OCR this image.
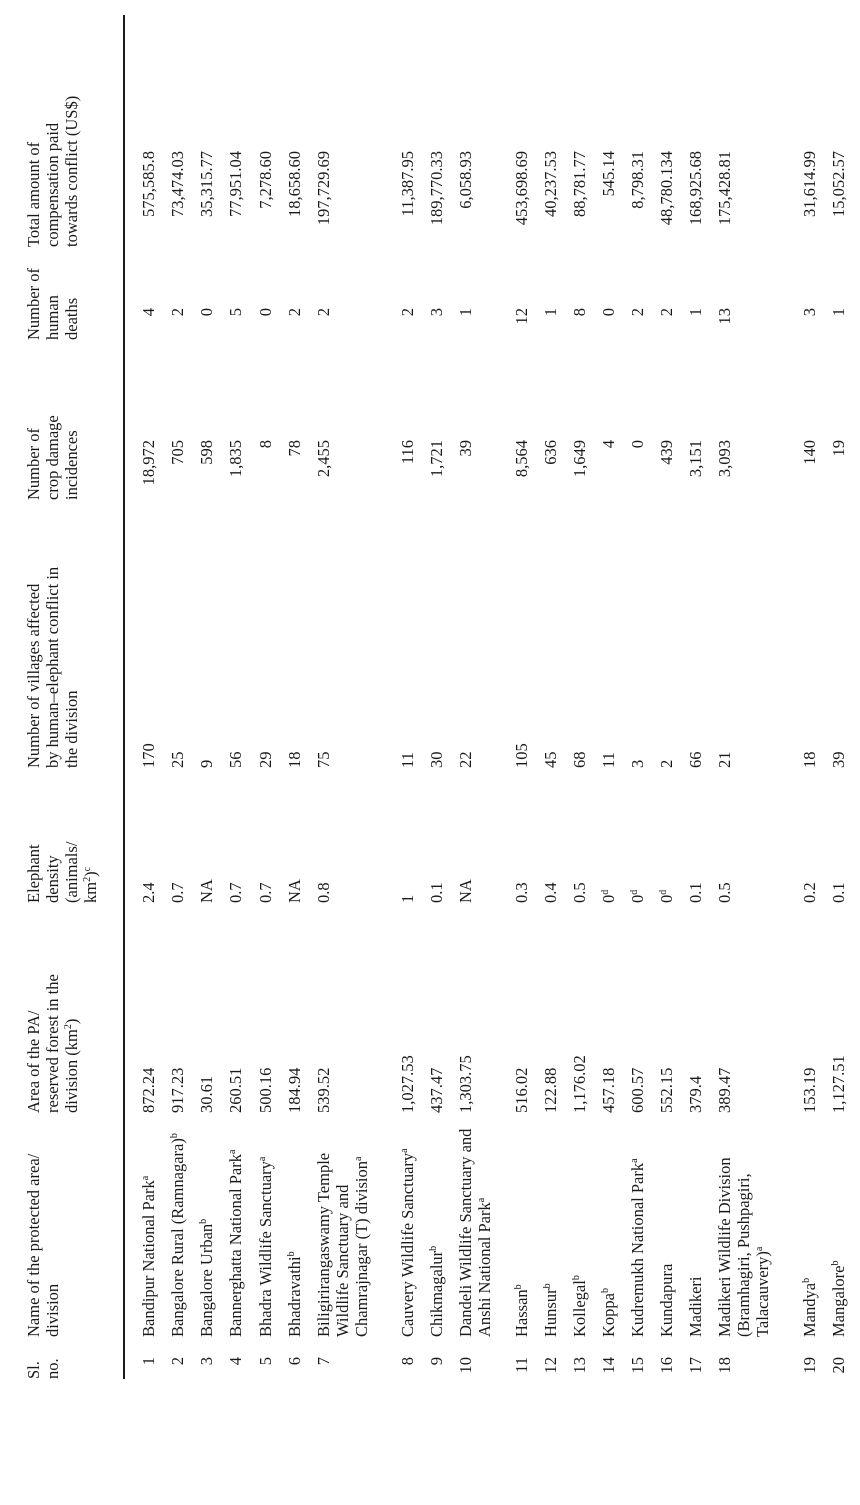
Sl.
no.
Name of the protected area/
division
Area of the PA/
reserved forest in the
division $(km^2)$
Elephant
density
(animals/
$km^2)^c$
Number of villages affected
by human–elephant conflict in
the division
Number of
crop damage
incidences
Number of
human
deaths
Total amount of
compensation paid
towards conflict (US$)
1
Bandipur National Park$^a$
872.24
2.4
170
18,972
4
575,585.8
2
Bangalore Rural (Ramnagara)$^b$
917.23
0.7
25
705
2
73,474.03
3
Bangalore Urban$^b$
30.61
NA
9
598
0
35,315.77
4
Bannerghatta National Park$^a$
260.51
0.7
56
1,835
5
77,951.04
5
Bhadra Wildlife Sanctuary$^a$
500.16
0.7
29
8
0
7,278.60
6
Bhadravathi$^b$
184.94
NA
18
78
2
18,658.60
7
Biligirirangaswamy Temple
Wildlife Sanctuary and
Chamrajnagar (T) division$^a$
539.52
0.8
75
2,455
2
197,729.69
8
Cauvery Wildlife Sanctuary$^a$
1,027.53
1
11
116
2
11,387.95
9
Chikmagalur$^b$
437.47
0.1
30
1,721
3
189,770.33
10
Dandeli Wildlife Sanctuary and
Anshi National Park$^a$
1,303.75
NA
22
39
1
6,058.93
11
Hassan$^b$
516.02
0.3
105
8,564
12
453,698.69
12
Hunsur$^b$
122.88
0.4
45
636
1
40,237.53
13
Kollegal$^b$
1,176.02
0.5
68
1,649
8
88,781.77
14
Koppa$^b$
457.18
0$^d$
11
4
0
545.14
15
Kudremukh National Park$^a$
600.57
0$^d$
3
0
2
8,798.31
16
Kundapura
552.15
0$^d$
2
439
2
48,780.134
17
Madikeri
379.4
0.1
66
3,151
1
168,925.68
18
Madikeri Wildlife Division
(Bramhagiri, Pushpagiri,
Talacauvery)$^a$
389.47
0.5
21
3,093
13
175,428.81
19
Mandya$^b$
153.19
0.2
18
140
3
31,614.99
20
Mangalore$^b$
1,127.51
0.1
39
19
1
15,052.57
